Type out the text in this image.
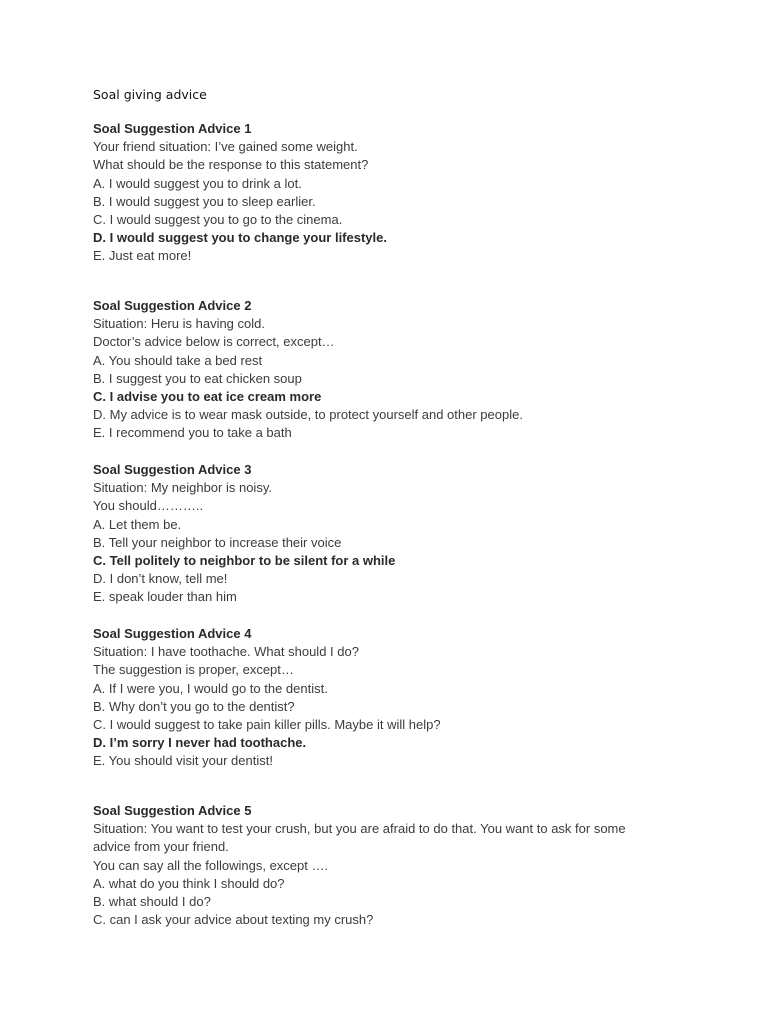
Soal giving advice
Soal Suggestion Advice 1
Your friend situation: I’ve gained some weight.
What should be the response to this statement?
A. I would suggest you to drink a lot.
B. I would suggest you to sleep earlier.
C. I would suggest you to go to the cinema.
D. I would suggest you to change your lifestyle.
E. Just eat more!
Soal Suggestion Advice 2
Situation: Heru is having cold.
Doctor’s advice below is correct, except…
A. You should take a bed rest
B. I suggest you to eat chicken soup
C. I advise you to eat ice cream more
D. My advice is to wear mask outside, to protect yourself and other people.
E. I recommend you to take a bath
Soal Suggestion Advice 3
Situation: My neighbor is noisy.
You should………..
A. Let them be.
B. Tell your neighbor to increase their voice
C. Tell politely to neighbor to be silent for a while
D. I don’t know, tell me!
E. speak louder than him
Soal Suggestion Advice 4
Situation: I have toothache. What should I do?
The suggestion is proper, except…
A. If I were you, I would go to the dentist.
B. Why don’t you go to the dentist?
C. I would suggest to take pain killer pills. Maybe it will help?
D. I’m sorry I never had toothache.
E. You should visit your dentist!
Soal Suggestion Advice 5
Situation: You want to test your crush, but you are afraid to do that. You want to ask for some advice from your friend.
You can say all the followings, except ….
A. what do you think I should do?
B. what should I do?
C. can I ask your advice about texting my crush?
